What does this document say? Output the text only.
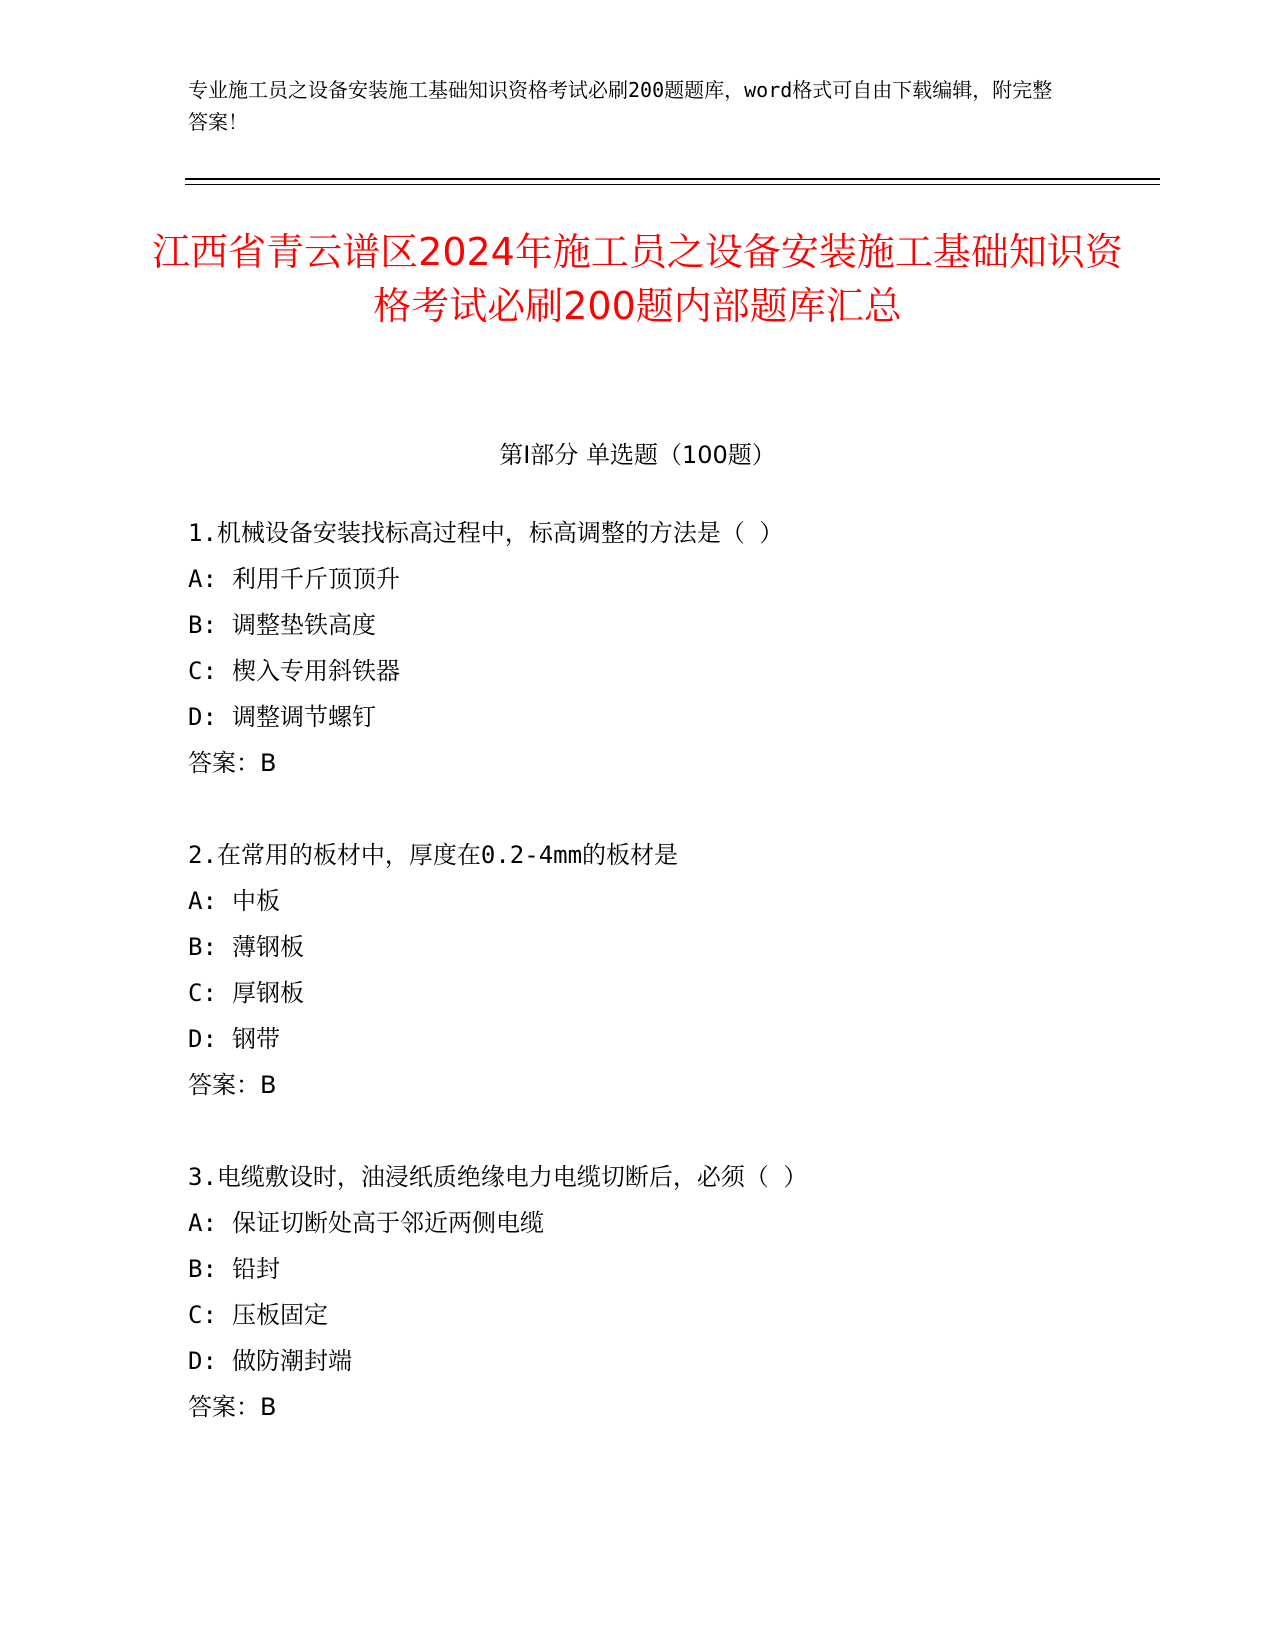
专业施工员之设备安装施工基础知识资格考试必刷200题题库，word格式可自由下载编辑，附完整答案！
江西省青云谱区2024年施工员之设备安装施工基础知识资格考试必刷200题内部题库汇总
第I部分 单选题（100题）
1.机械设备安装找标高过程中，标高调整的方法是（ ）
A: 利用千斤顶顶升
B: 调整垫铁高度
C: 楔入专用斜铁器
D: 调整调节螺钉
答案：B
2.在常用的板材中，厚度在0.2-4mm的板材是
A: 中板
B: 薄钢板
C: 厚钢板
D: 钢带
答案：B
3.电缆敷设时，油浸纸质绝缘电力电缆切断后，必须（ ）
A: 保证切断处高于邻近两侧电缆
B: 铅封
C: 压板固定
D: 做防潮封端
答案：B
